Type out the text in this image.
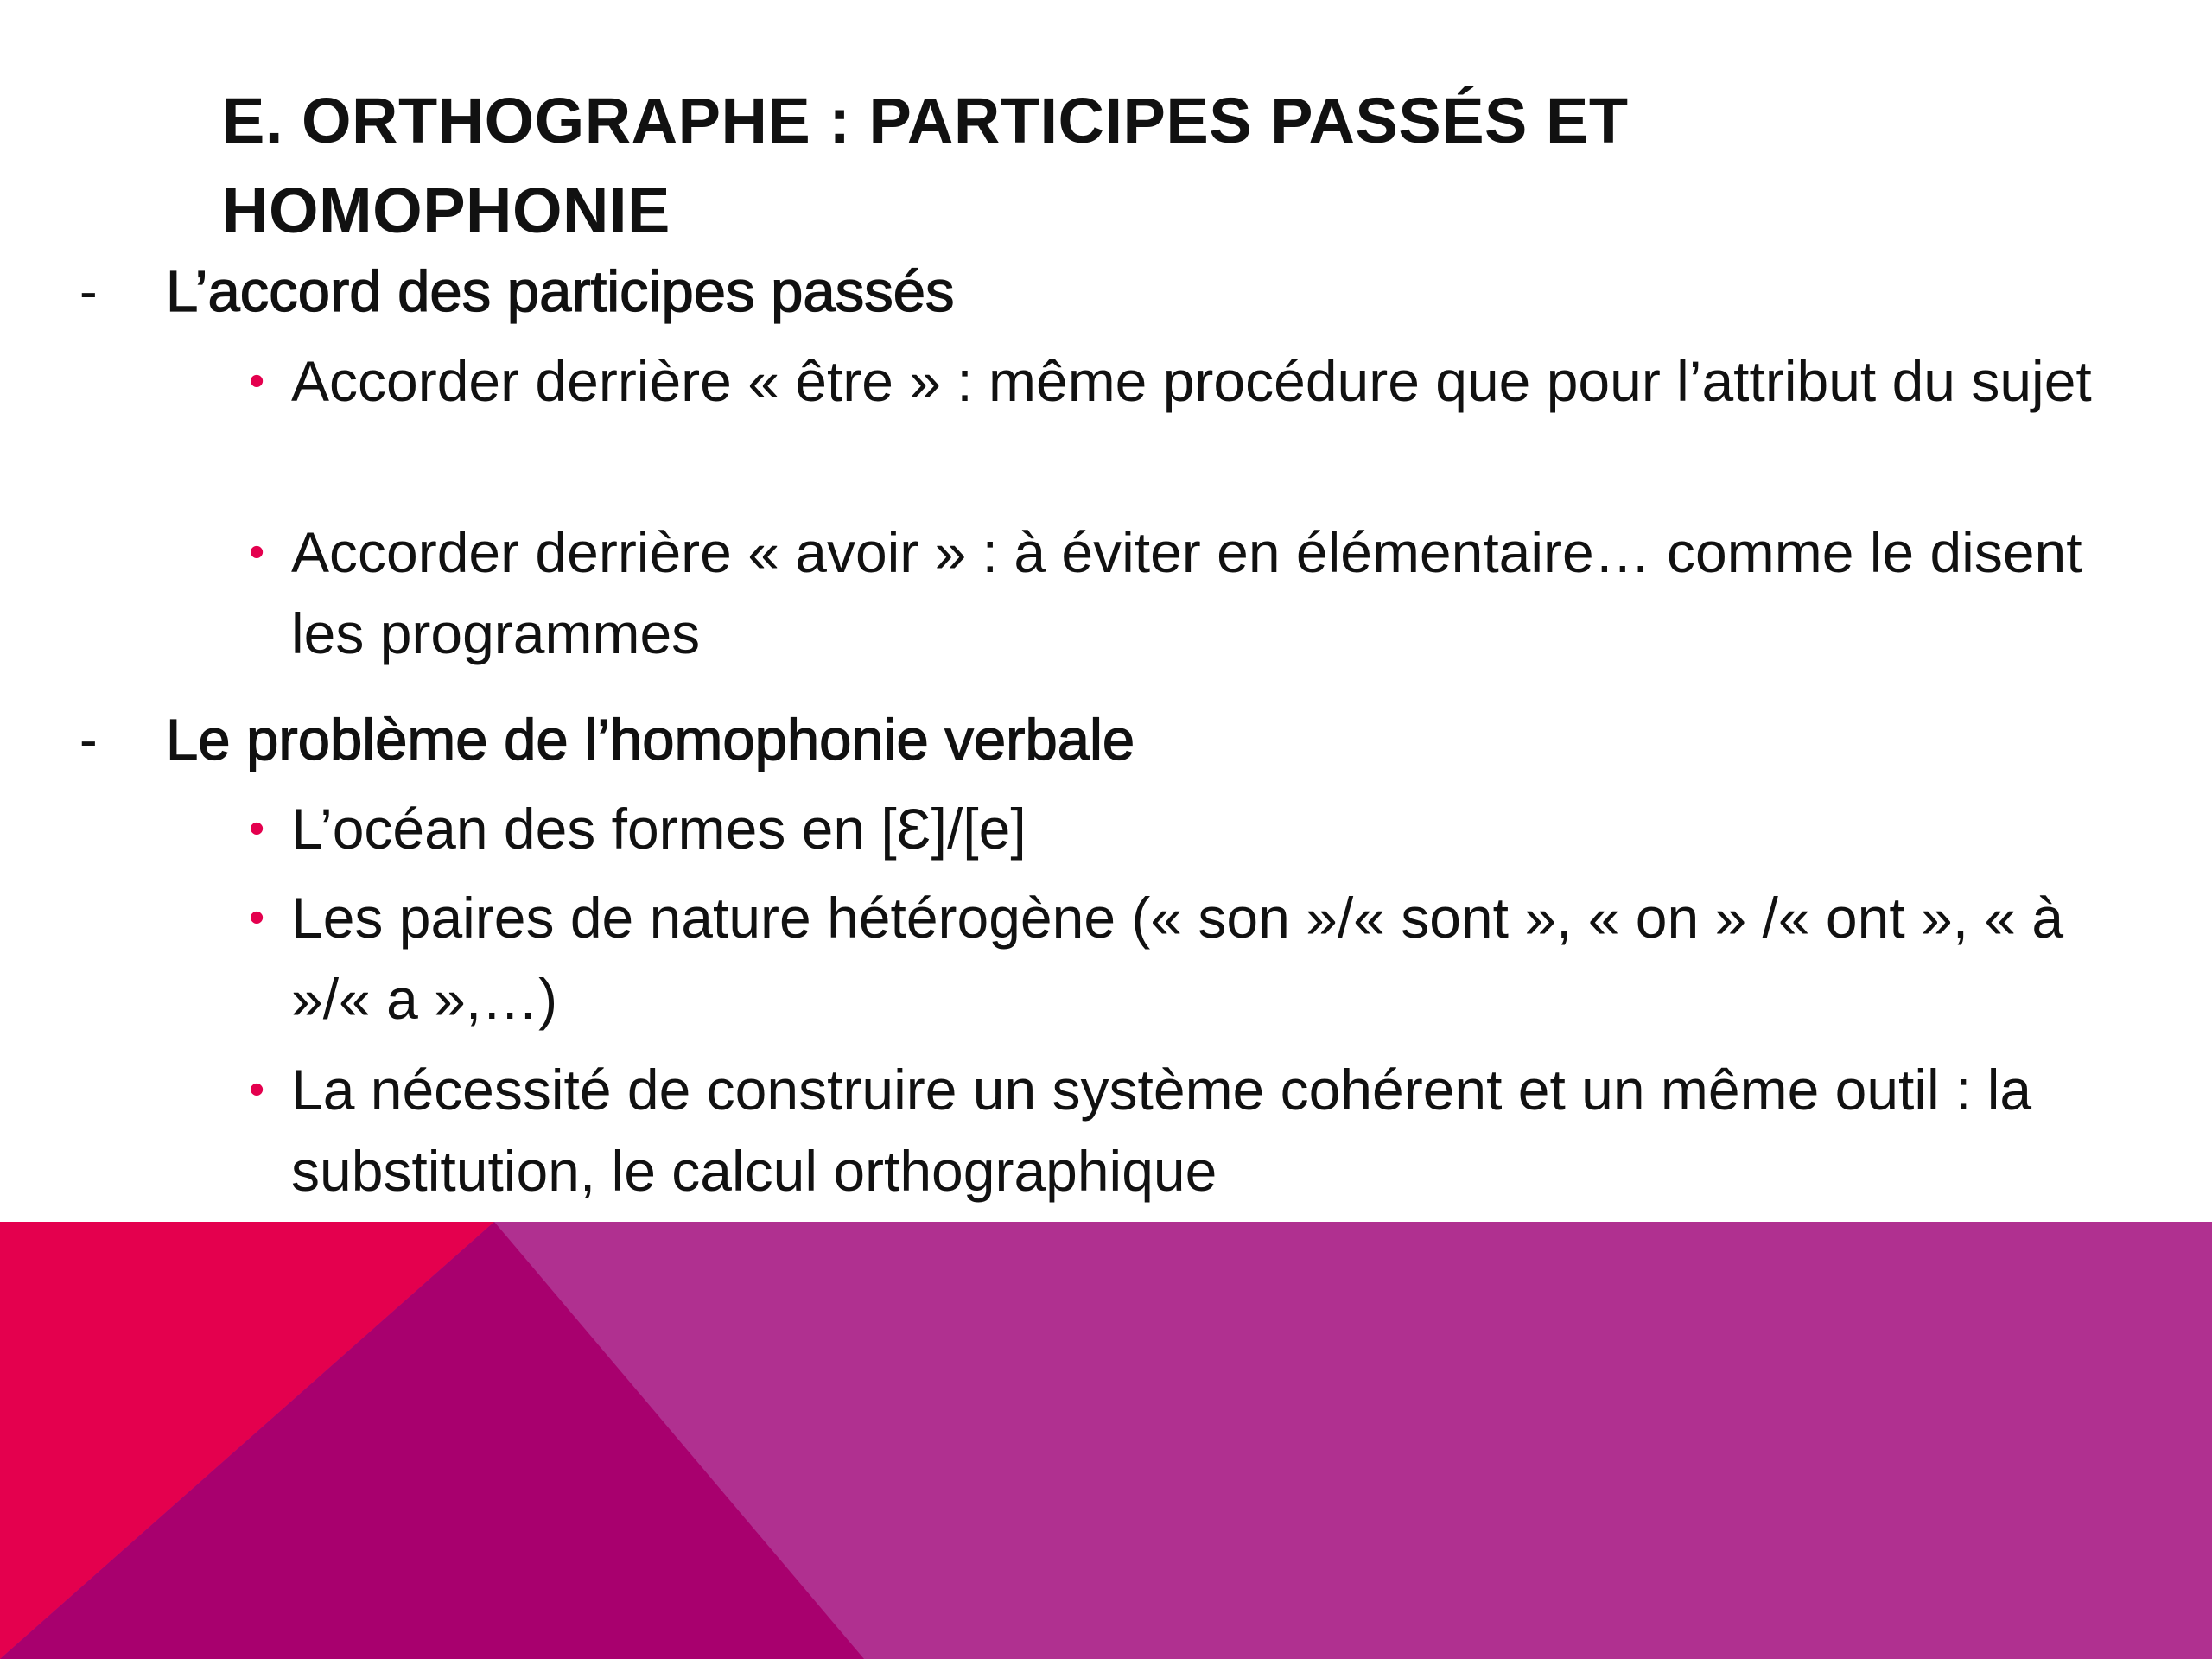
E. ORTHOGRAPHE : PARTICIPES PASSÉS ET HOMOPHONIE
- L’accord des participes passés
• Accorder derrière « être » : même procédure que pour l’attribut du sujet
• Accorder derrière « avoir » : à éviter en élémentaire… comme le disent les programmes
- Le problème de l’homophonie verbale
• L’océan des formes en [Ɛ]/[e]
• Les paires de nature hétérogène (« son »/« sont », « on » /« ont », « à »/« a »,…)
• La nécessité de construire un système cohérent et un même outil : la substitution, le calcul orthographique
